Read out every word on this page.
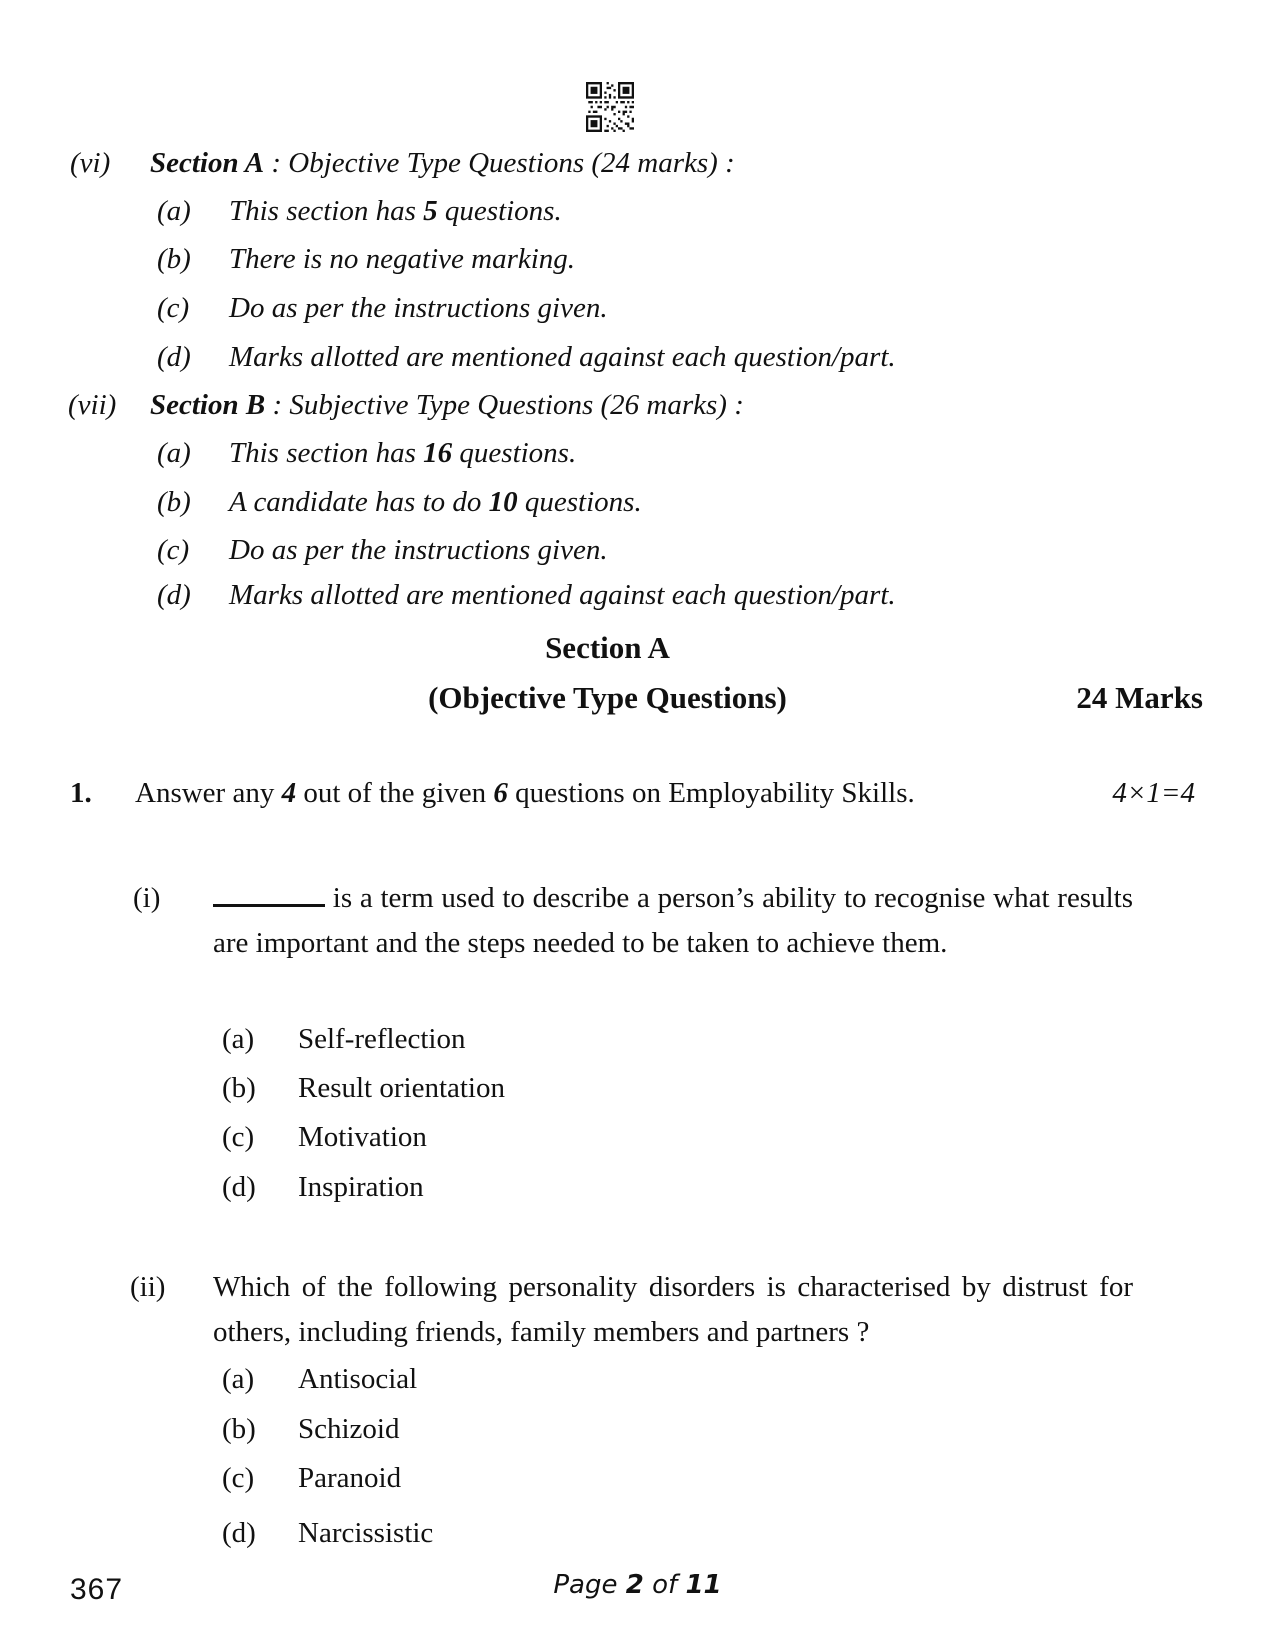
(vi) Section A : Objective Type Questions (24 marks) :
(a) This section has 5 questions.
(b) There is no negative marking.
(c) Do as per the instructions given.
(d) Marks allotted are mentioned against each question/part.
(vii) Section B : Subjective Type Questions (26 marks) :
(a) This section has 16 questions.
(b) A candidate has to do 10 questions.
(c) Do as per the instructions given.
(d) Marks allotted are mentioned against each question/part.
Section A
(Objective Type Questions)	24 Marks
1. Answer any 4 out of the given 6 questions on Employability Skills.	4×1=4
(i)	is a term used to describe a person’s ability to recognise what results are important and the steps needed to be taken to achieve them.
(a) Self-reflection
(b) Result orientation
(c) Motivation
(d) Inspiration
(ii) Which of the following personality disorders is characterised by distrust for others, including friends, family members and partners ?
(a) Antisocial
(b) Schizoid
(c) Paranoid
(d) Narcissistic
367	Page 2 of 11
